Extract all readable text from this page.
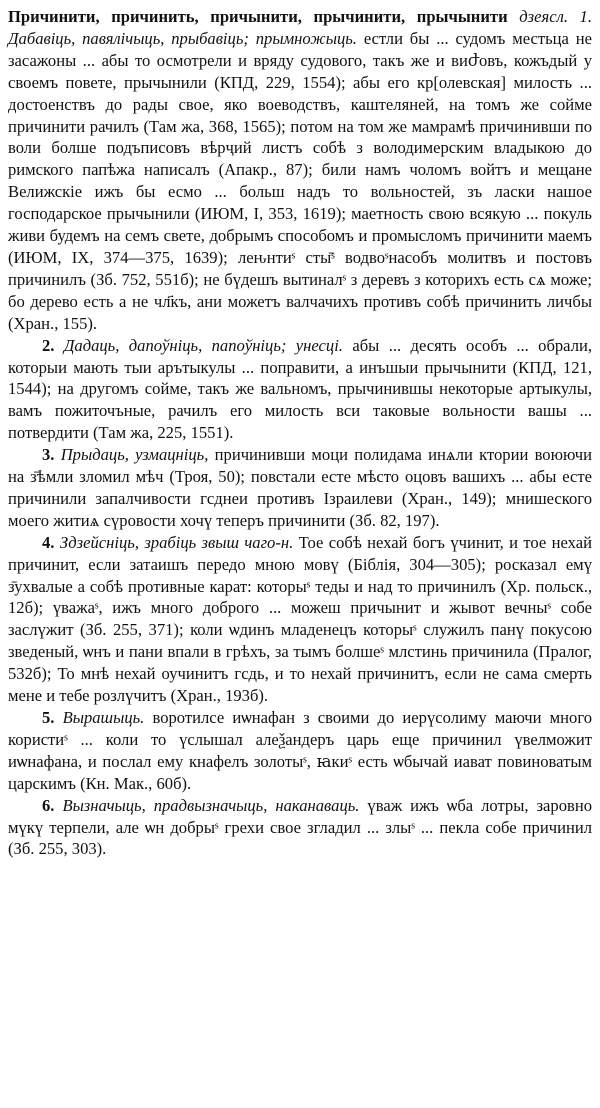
Причинити, причинить, причынити, прычинити, прычынити дзеясл. 1. Дабавіць, павялічыць, прыбавіць; прымножыць. естли бы ... судомъ местьца не засажоны ... абы то осмотрели и вряду судового, такъ же и виժовъ, кожъдый у своемъ повете, прычынили (КПД, 229, 1554); абы его кр[олевская] милость ... достоенствъ до рады свое, яко воеводствъ, каштеляней, на томъ же сойме причинити рачилъ (Там жа, 368, 1565); потом на том же мамрамѣ причинивши по воли болше подъписовъ вѣрҷий листъ собѣ з володимерским владыкою до римского папѣжа написалъ (Апакр., 87); били намъ чоломъ войтъ и мещане Велижскіе ижъ бы есмо ... больш надъ то вольностей, зъ ласки нашое господарское прычынили (ИЮМ, I, 353, 1619); маетность свою всякую ... покуль живи будемъ на семъ свете, добрымъ способомъ и промысломъ причинити маемъ (ИЮМ, IX, 374—375, 1639); леԋнтиˢ сты̄ˢ водвоˢнасобъ молитвъ и постовъ причинилъ (Зб. 752, 551б); не бүдешъ вытиналˢ з деревъ з которихъ есть сѧ може; бо дерево есть а не чл҃къ, ани можетъ валчачихъ противъ собѣ причинить личбы (Хран., 155).

2. Дадаць, дапоўніць, папоўніць; унесці. абы ... десять особъ ... обрали, которыи мають тыи арътыкулы ... поправити, а инъшыи прычынити (КПД, 121, 1544); на другомъ сойме, такъ же вальномъ, прычинившы некоторые артыкулы, вамъ пожиточъные, рачилъ его милость вси таковые вольности вашы ... потвердити (Там жа, 225, 1551).

3. Прыдаць, узмацніць, причинивши моци полидама инѧли ктории воюючи на з̄ѣмли зломил мѣч (Троя, 50); повстали есте мѣсто оцовъ вашихъ ... абы есте причинили запалчивости гсднеи противъ Ізраилеви (Хран., 149); мнишеского моего житиѧ сүровости хочү теперъ причинити (Зб. 82, 197).

4. Здзейсніць, зрабіць звыш чаго-н. Тое собѣ нехай богъ үчинит, и тое нехай причинит, если затаишъ передо мною мовү (Біблія, 304—305); росказал емү з̄ухвалые а собѣ противные карат: которыˢ теды и над то причинилъ (Хр. польск., 12б); үважаˢ, ижъ много доброго ... можеш причынит и жывот вечныˢ собе заслүжит (Зб. 255, 371); коли ѡдинъ младенецъ которыˢ служилъ панү покусою зведеный, ѡнъ и пани впали в грѣхъ, за тымъ болшеˢ млстинь причинила (Пралог, 532б); То мнѣ нехай оучинитъ гсдь, и то нехай причинитъ, если не сама смерть мене и тебе розлүчитъ (Хран., 193б).

5. Вырашыць. воротилсе иѡнафан з своими до иерүсолиму маючи много користиˢ ... коли то үслышал алеѯандеръ царь еще причинил үвелможит иѡнафана, и послал ему кнафелъ золотыˢ, ꙗкиˢ есть ѡбычай иават повиноватым царскимъ (Кн. Мак., 60б).

6. Вызначыць, прадвызначыць, наканаваць. үваж ижъ ѡба лотры, заровно мүкү терпели, але ѡн добрыˢ грехи свое згладил ... злыˢ ... пекла собе причинил (Зб. 255, 303).
